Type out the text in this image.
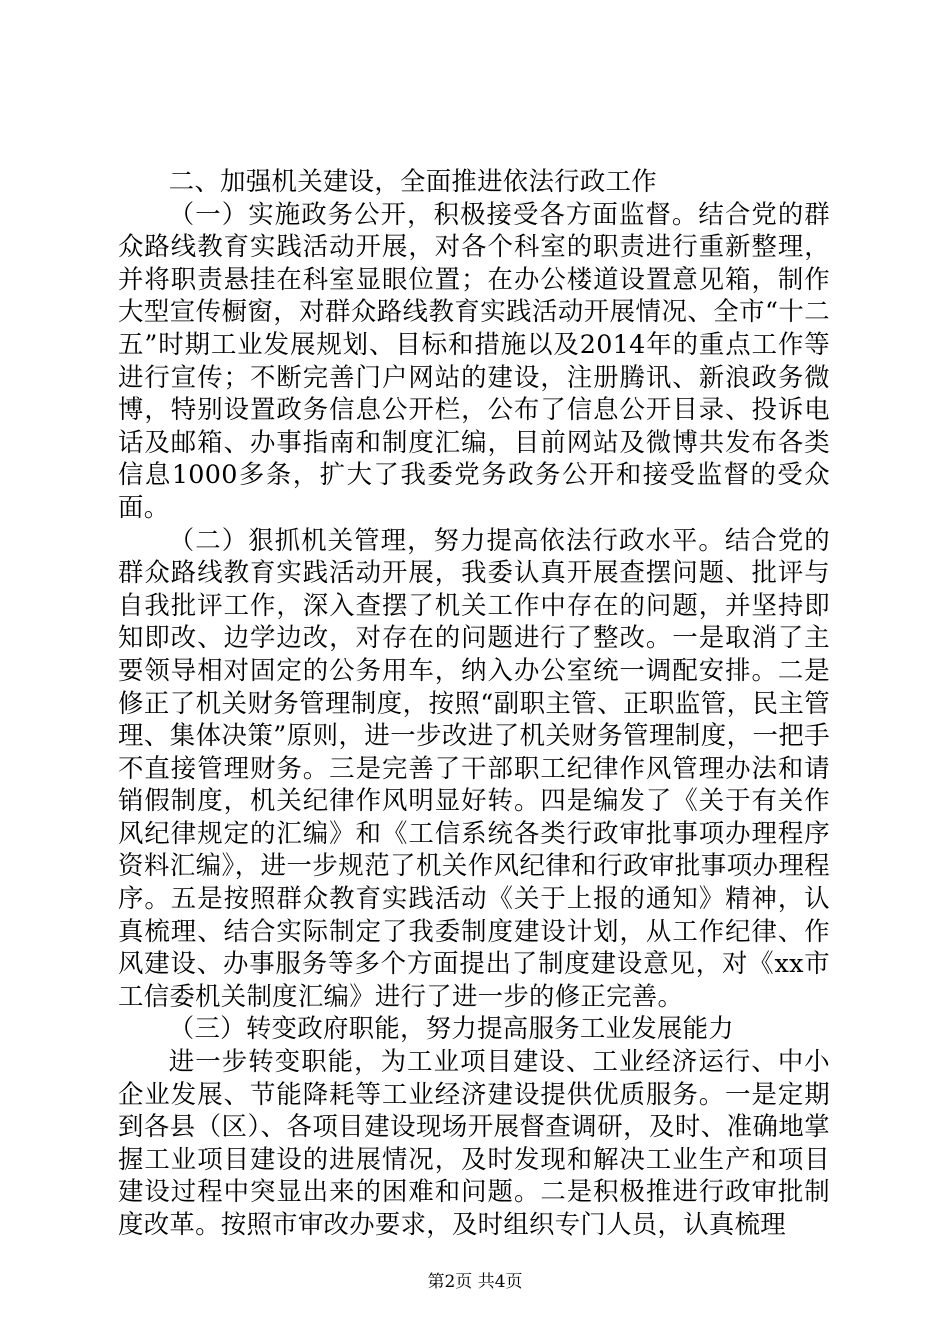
二、加强机关建设，全面推进依法行政工作

（一）实施政务公开，积极接受各方面监督。结合党的群众路线教育实践活动开展，对各个科室的职责进行重新整理，并将职责悬挂在科室显眼位置；在办公楼道设置意见箱，制作大型宣传橱窗，对群众路线教育实践活动开展情况、全市“十二五”时期工业发展规划、目标和措施以及2014年的重点工作等进行宣传；不断完善门户网站的建设，注册腾讯、新浪政务微博，特别设置政务信息公开栏，公布了信息公开目录、投诉电话及邮箱、办事指南和制度汇编，目前网站及微博共发布各类信息1000多条，扩大了我委党务政务公开和接受监督的受众面。

（二）狠抓机关管理，努力提高依法行政水平。结合党的群众路线教育实践活动开展，我委认真开展查摆问题、批评与自我批评工作，深入查摆了机关工作中存在的问题，并坚持即知即改、边学边改，对存在的问题进行了整改。一是取消了主要领导相对固定的公务用车，纳入办公室统一调配安排。二是修正了机关财务管理制度，按照“副职主管、正职监管，民主管理、集体决策”原则，进一步改进了机关财务管理制度，一把手不直接管理财务。三是完善了干部职工纪律作风管理办法和请销假制度，机关纪律作风明显好转。四是编发了《关于有关作风纪律规定的汇编》和《工信系统各类行政审批事项办理程序资料汇编》，进一步规范了机关作风纪律和行政审批事项办理程序。五是按照群众教育实践活动《关于上报的通知》精神，认真梳理、结合实际制定了我委制度建设计划，从工作纪律、作风建设、办事服务等多个方面提出了制度建设意见，对《xx市工信委机关制度汇编》进行了进一步的修正完善。

（三）转变政府职能，努力提高服务工业发展能力

进一步转变职能，为工业项目建设、工业经济运行、中小企业发展、节能降耗等工业经济建设提供优质服务。一是定期到各县（区）、各项目建设现场开展督查调研，及时、准确地掌握工业项目建设的进展情况，及时发现和解决工业生产和项目建设过程中突显出来的困难和问题。二是积极推进行政审批制度改革。按照市审改办要求，及时组织专门人员，认真梳理

第2页 共4页
